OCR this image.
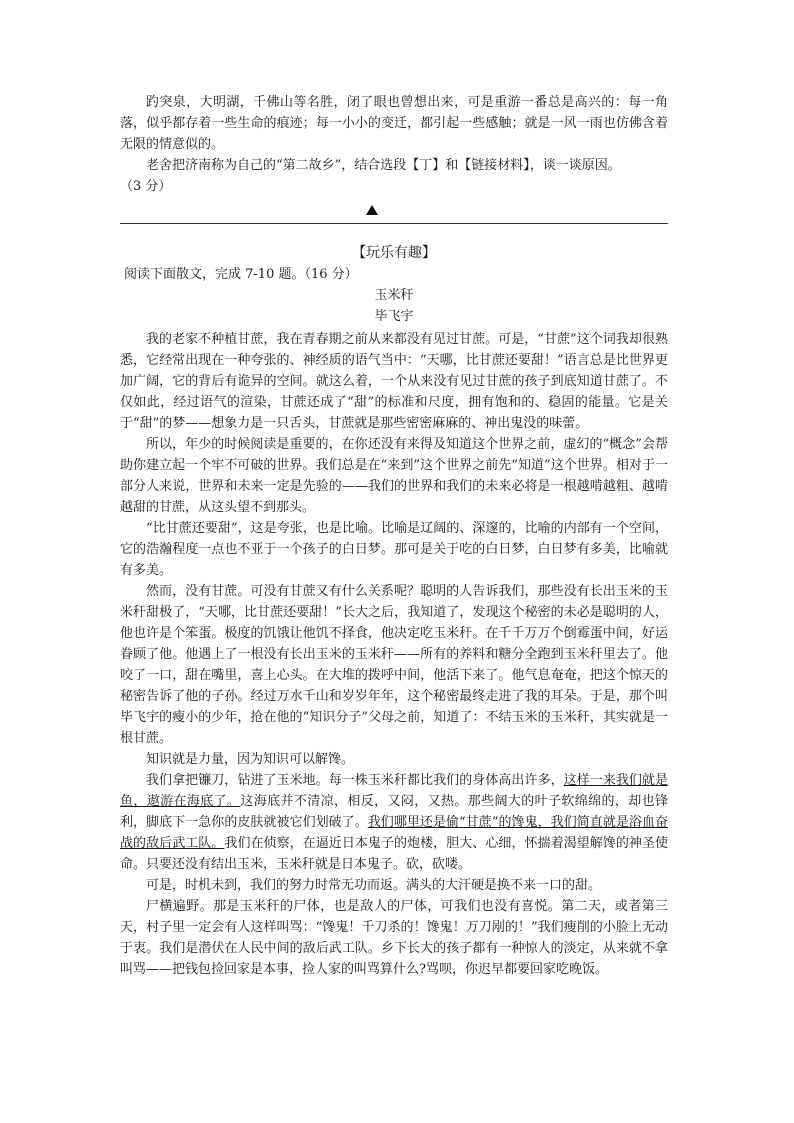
趵突泉，大明湖，千佛山等名胜，闭了眼也曾想出来，可是重游一番总是高兴的：每一角落，似乎都存着一些生命的痕迹；每一小小的变迁，都引起一些感触；就是一风一雨也仿佛含着无限的情意似的。

老舍把济南称为自己的“第二故乡”，结合选段【丁】和【链接材料】，谈一谈原因。

（3 分）

【玩乐有趣】

阅读下面散文，完成 7-10 题。（16 分）

玉米秆

毕飞宇

我的老家不种植甘蔗，我在青春期之前从来都没有见过甘蔗。可是，“甘蔗”这个词我却很熟悉，它经常出现在一种夸张的、神经质的语气当中：“天哪，比甘蔗还要甜！”语言总是比世界更加广阔，它的背后有诡异的空间。就这么着，一个从来没有见过甘蔗的孩子到底知道甘蔗了。不仅如此，经过语气的渲染，甘蔗还成了“甜”的标准和尺度，拥有饱和的、稳固的能量。它是关于“甜”的梦——想象力是一只舌头，甘蔗就是那些密密麻麻的、神出鬼没的味蕾。

所以，年少的时候阅读是重要的，在你还没有来得及知道这个世界之前，虚幻的“概念”会帮助你建立起一个牢不可破的世界。我们总是在“来到”这个世界之前先“知道”这个世界。相对于一部分人来说，世界和未来一定是先验的——我们的世界和我们的未来必将是一根越啃越粗、越啃越甜的甘蔗，从这头望不到那头。

“比甘蔗还要甜”，这是夸张，也是比喻。比喻是辽阔的、深邃的，比喻的内部有一个空间，它的浩瀚程度一点也不亚于一个孩子的白日梦。那可是关于吃的白日梦，白日梦有多美，比喻就有多美。

然而，没有甘蔗。可没有甘蔗又有什么关系呢？聪明的人告诉我们，那些没有长出玉米的玉米秆甜极了，“天哪，比甘蔗还要甜！”长大之后，我知道了，发现这个秘密的未必是聪明的人，他也许是个笨蛋。极度的饥饿让他饥不择食，他决定吃玉米秆。在千千万万个倒霉蛋中间，好运眷顾了他。他遇上了一根没有长出玉米的玉米秆——所有的养料和糖分全跑到玉米秆里去了。他咬了一口，甜在嘴里，喜上心头。在大堆的拨呼中间，他活下来了。他气息奄奄，把这个惊天的秘密告诉了他的子孙。经过万水千山和岁岁年年，这个秘密最终走进了我的耳朵。于是，那个叫毕飞宇的瘦小的少年，抢在他的“知识分子”父母之前，知道了：不结玉米的玉米秆，其实就是一根甘蔗。

知识就是力量，因为知识可以解馋。

我们拿把镰刀，钻进了玉米地。每一株玉米秆都比我们的身体高出许多，这样一来我们就是鱼，遨游在海底了。这海底并不清凉，相反，又闷，又热。那些阔大的叶子软绵绵的，却也锋利，脚底下一急你的皮肤就被它们划破了。我们哪里还是偷“甘蔗”的馋鬼，我们简直就是浴血奋战的敌后武工队。我们在侦察，在逼近日本鬼子的炮楼，胆大、心细，怀揣着渴望解馋的神圣使命。只要还没有结出玉米，玉米秆就是日本鬼子。砍，砍喽。

可是，时机未到，我们的努力时常无功而返。满头的大汗硬是换不来一口的甜。

尸横遍野。那是玉米秆的尸体，也是敌人的尸体，可我们也没有喜悦。第二天，或者第三天，村子里一定会有人这样叫骂：“馋鬼！千刀杀的！馋鬼！万刀剐的！”我们瘦削的小脸上无动于衷。我们是潜伏在人民中间的敌后武工队。乡下长大的孩子都有一种惊人的淡定，从来就不拿叫骂——把钱包捡回家是本事，捡人家的叫骂算什么?骂呗，你迟早都要回家吃晚饭。
